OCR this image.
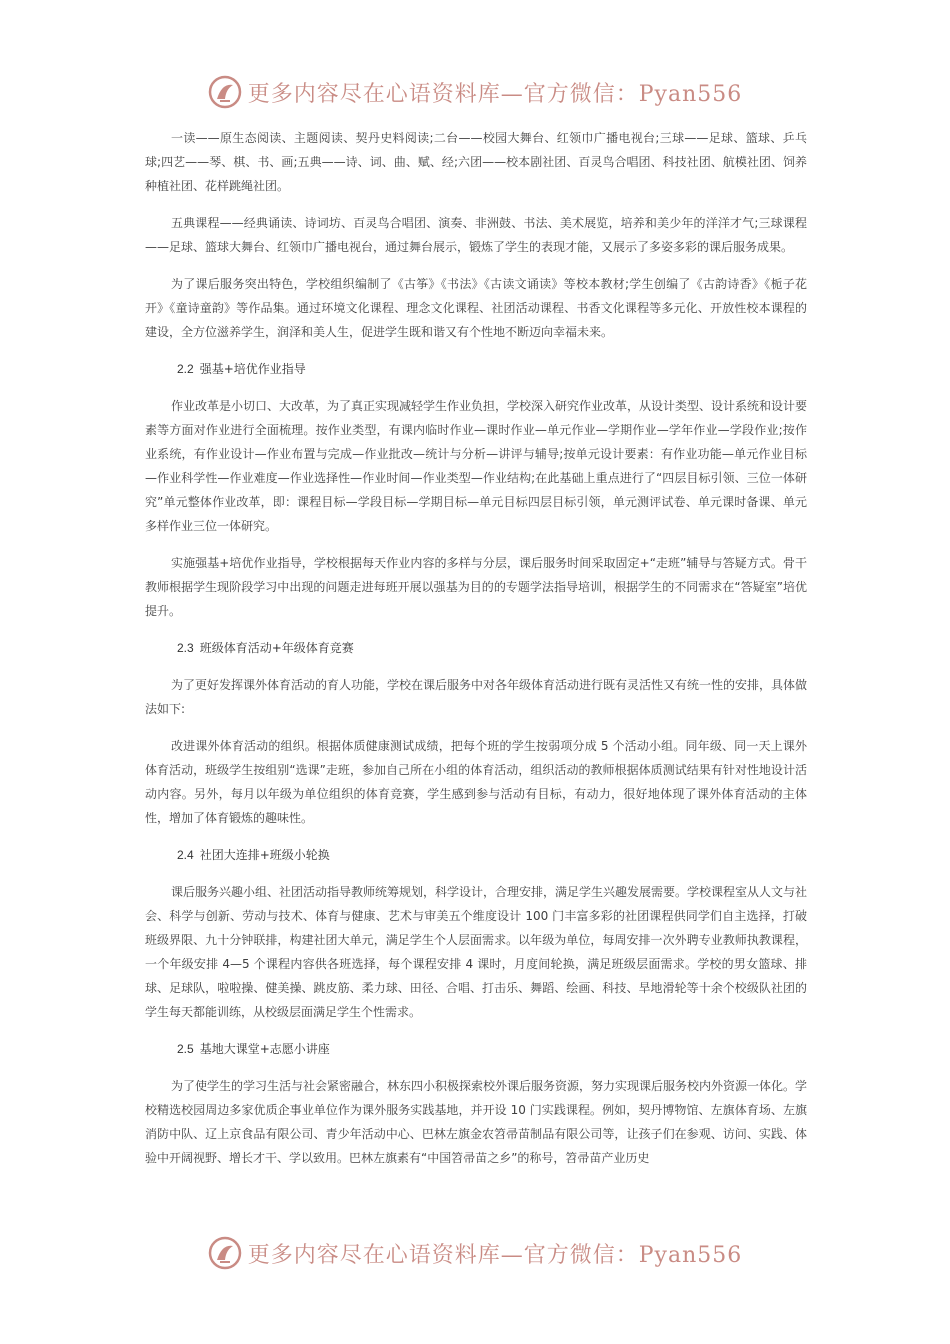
更多内容尽在心语资料库—官方微信：Pyan556

一读——原生态阅读、主题阅读、契丹史料阅读;二台——校园大舞台、红领巾广播电视台;三球——足球、篮球、乒乓球;四艺——琴、棋、书、画;五典——诗、词、曲、赋、经;六团——校本剧社团、百灵鸟合唱团、科技社团、航模社团、饲养种植社团、花样跳绳社团。

五典课程——经典诵读、诗词坊、百灵鸟合唱团、演奏、非洲鼓、书法、美术展览，培养和美少年的洋洋才气;三球课程——足球、篮球大舞台、红领巾广播电视台，通过舞台展示，锻炼了学生的表现才能，又展示了多姿多彩的课后服务成果。

为了课后服务突出特色，学校组织编制了《古筝》《书法》《古读文诵读》等校本教材;学生创编了《古韵诗香》《栀子花开》《童诗童韵》等作品集。通过环境文化课程、理念文化课程、社团活动课程、书香文化课程等多元化、开放性校本课程的建设，全方位滋养学生，润泽和美人生，促进学生既和谐又有个性地不断迈向幸福未来。

2.2 强基+培优作业指导

作业改革是小切口、大改革，为了真正实现减轻学生作业负担，学校深入研究作业改革，从设计类型、设计系统和设计要素等方面对作业进行全面梳理。按作业类型，有课内临时作业—课时作业—单元作业—学期作业—学年作业—学段作业;按作业系统，有作业设计—作业布置与完成—作业批改—统计与分析—讲评与辅导;按单元设计要素：有作业功能—单元作业目标—作业科学性—作业难度—作业选择性—作业时间—作业类型—作业结构;在此基础上重点进行了“四层目标引领、三位一体研究”单元整体作业改革，即：课程目标—学段目标—学期目标—单元目标四层目标引领，单元测评试卷、单元课时备课、单元多样作业三位一体研究。

实施强基+培优作业指导，学校根据每天作业内容的多样与分层，课后服务时间采取固定+“走班”辅导与答疑方式。骨干教师根据学生现阶段学习中出现的问题走进每班开展以强基为目的的专题学法指导培训，根据学生的不同需求在“答疑室”培优提升。

2.3 班级体育活动+年级体育竞赛

为了更好发挥课外体育活动的育人功能，学校在课后服务中对各年级体育活动进行既有灵活性又有统一性的安排，具体做法如下:

改进课外体育活动的组织。根据体质健康测试成绩，把每个班的学生按弱项分成 5 个活动小组。同年级、同一天上课外体育活动，班级学生按组别“选课”走班，参加自己所在小组的体育活动，组织活动的教师根据体质测试结果有针对性地设计活动内容。另外，每月以年级为单位组织的体育竞赛，学生感到参与活动有目标，有动力，很好地体现了课外体育活动的主体性，增加了体育锻炼的趣味性。

2.4 社团大连排+班级小轮换

课后服务兴趣小组、社团活动指导教师统筹规划，科学设计，合理安排，满足学生兴趣发展需要。学校课程室从人文与社会、科学与创新、劳动与技术、体育与健康、艺术与审美五个维度设计 100 门丰富多彩的社团课程供同学们自主选择，打破班级界限、九十分钟联排，构建社团大单元，满足学生个人层面需求。以年级为单位，每周安排一次外聘专业教师执教课程，一个年级安排 4—5 个课程内容供各班选择，每个课程安排 4 课时，月度间轮换，满足班级层面需求。学校的男女篮球、排球、足球队，啦啦操、健美操、跳皮筋、柔力球、田径、合唱、打击乐、舞蹈、绘画、科技、旱地滑轮等十余个校级队社团的学生每天都能训练，从校级层面满足学生个性需求。

2.5 基地大课堂+志愿小讲座

为了使学生的学习生活与社会紧密融合，林东四小积极探索校外课后服务资源，努力实现课后服务校内外资源一体化。学校精选校园周边多家优质企事业单位作为课外服务实践基地，并开设 10 门实践课程。例如，契丹博物馆、左旗体育场、左旗消防中队、辽上京食品有限公司、青少年活动中心、巴林左旗金农笤帚苗制品有限公司等，让孩子们在参观、访问、实践、体验中开阔视野、增长才干、学以致用。巴林左旗素有“中国笤帚苗之乡”的称号，笤帚苗产业历史

更多内容尽在心语资料库—官方微信：Pyan556
